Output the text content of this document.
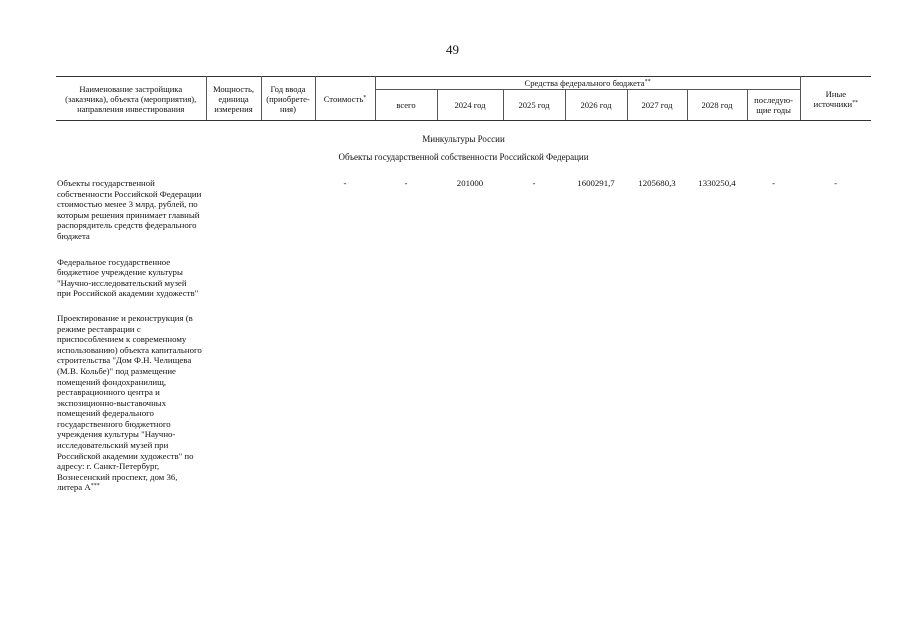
49
Наименование застройщика (заказчика), объекта (мероприятия), направления инвестирования	Мощность, единица измерения	Год ввода (приобрете-ния)	Стоимость*	Средства федерального бюджета**							Иные источники**
				всего	2024 год	2025 год	2026 год	2027 год	2028 год	последую-щие годы	
Минкультуры России											
Объекты государственной собственности Российской Федерации											
Объекты государственной собственности Российской Федерации стоимостью менее 3 млрд. рублей, по которым решения принимает главный распорядитель средств федерального бюджета			-	-	201000	-	1600291,7	1205680,3	1330250,4	-	-
Федеральное государственное бюджетное учреждение культуры "Научно-исследовательский музей при Российской академии художеств"											
Проектирование и реконструкция (в режиме реставрации с приспособлением к современному использованию) объекта капитального строительства "Дом Ф.Н. Челищева (М.В. Кольбе)" под размещение помещений фондохранилищ, реставрационного центра и экспозиционно-выставочных помещений федерального государственного бюджетного учреждения культуры "Научно-исследовательский музей при Российской академии художеств" по адресу: г. Санкт-Петербург, Вознесенский проспект, дом 36, литера А***	
